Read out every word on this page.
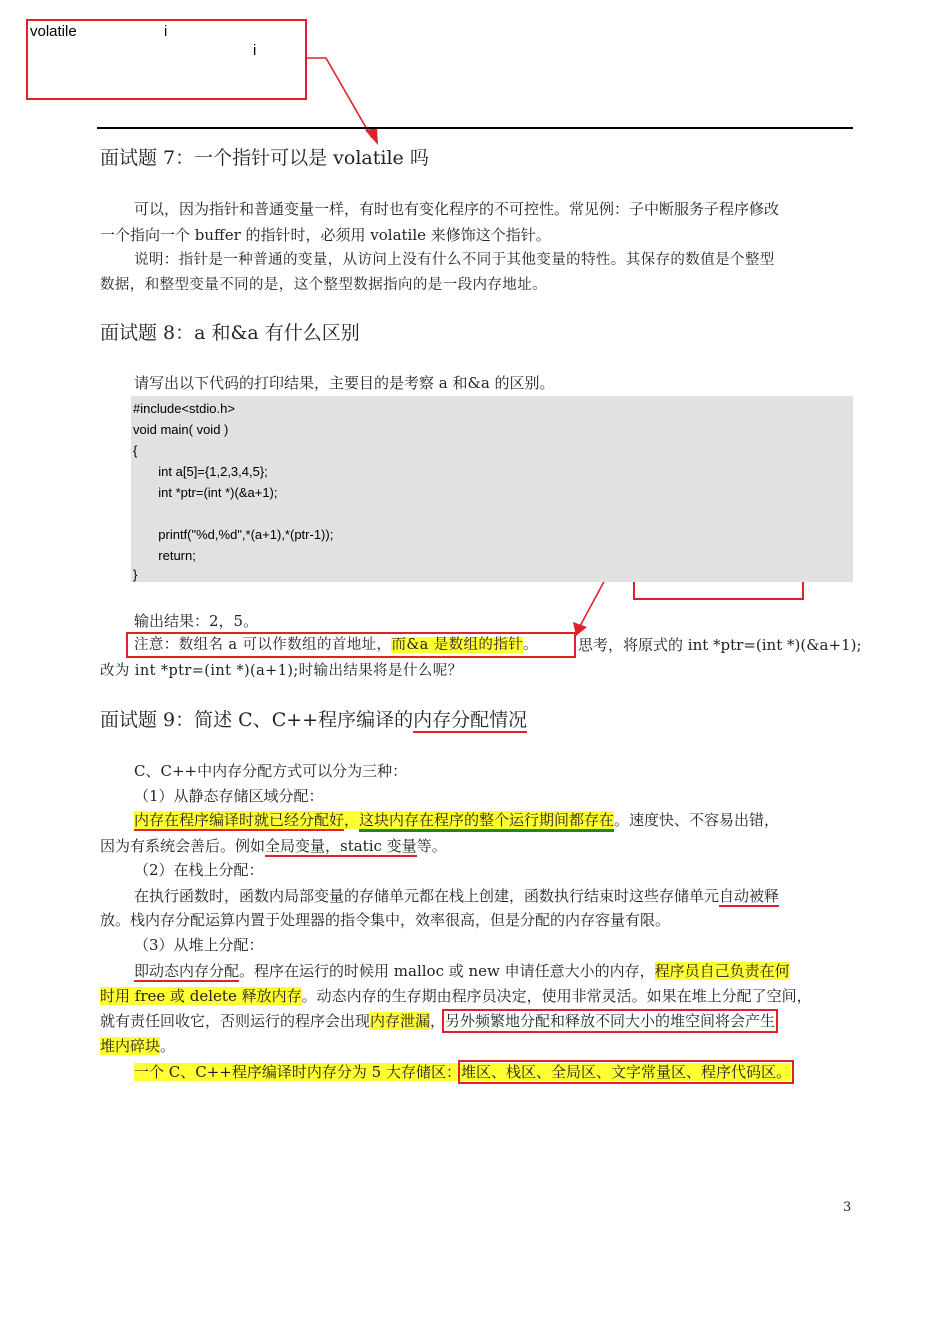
volatile	i
i
面试题 7：一个指针可以是 volatile 吗
可以，因为指针和普通变量一样，有时也有变化程序的不可控性。常见例：子中断服务子程序修改
一个指向一个 buffer 的指针时，必须用 volatile 来修饰这个指针。
说明：指针是一种普通的变量，从访问上没有什么不同于其他变量的特性。其保存的数值是个整型
数据，和整型变量不同的是，这个整型数据指向的是一段内存地址。
面试题 8：a 和&a 有什么区别
请写出以下代码的打印结果，主要目的是考察 a 和&a 的区别。
#include<stdio.h>
void main( void )
{
int a[5]={1,2,3,4,5};
int *ptr=(int *)(&a+1);
printf("%d,%d",*(a+1),*(ptr-1));
return;
}
输出结果：2，5。
注意：数组名 a 可以作数组的首地址，而&a 是数组的指针。	思考，将原式的 int *ptr=(int *)(&a+1);
改为 int *ptr=(int *)(a+1);时输出结果将是什么呢？
面试题 9：简述 C、C++程序编译的内存分配情况
C、C++中内存分配方式可以分为三种：
（1）从静态存储区域分配：
内存在程序编译时就已经分配好，这块内存在程序的整个运行期间都存在。速度快、不容易出错，
因为有系统会善后。例如全局变量，static 变量等。
（2）在栈上分配：
在执行函数时，函数内局部变量的存储单元都在栈上创建，函数执行结束时这些存储单元自动被释
放。栈内存分配运算内置于处理器的指令集中，效率很高，但是分配的内存容量有限。
（3）从堆上分配：
即动态内存分配。程序在运行的时候用 malloc 或 new 申请任意大小的内存，程序员自己负责在何
时用 free 或 delete 释放内存。动态内存的生存期由程序员决定，使用非常灵活。如果在堆上分配了空间，
就有责任回收它，否则运行的程序会出现内存泄漏，另外频繁地分配和释放不同大小的堆空间将会产生
堆内碎块。
一个 C、C++程序编译时内存分为 5 大存储区：堆区、栈区、全局区、文字常量区、程序代码区。
3
